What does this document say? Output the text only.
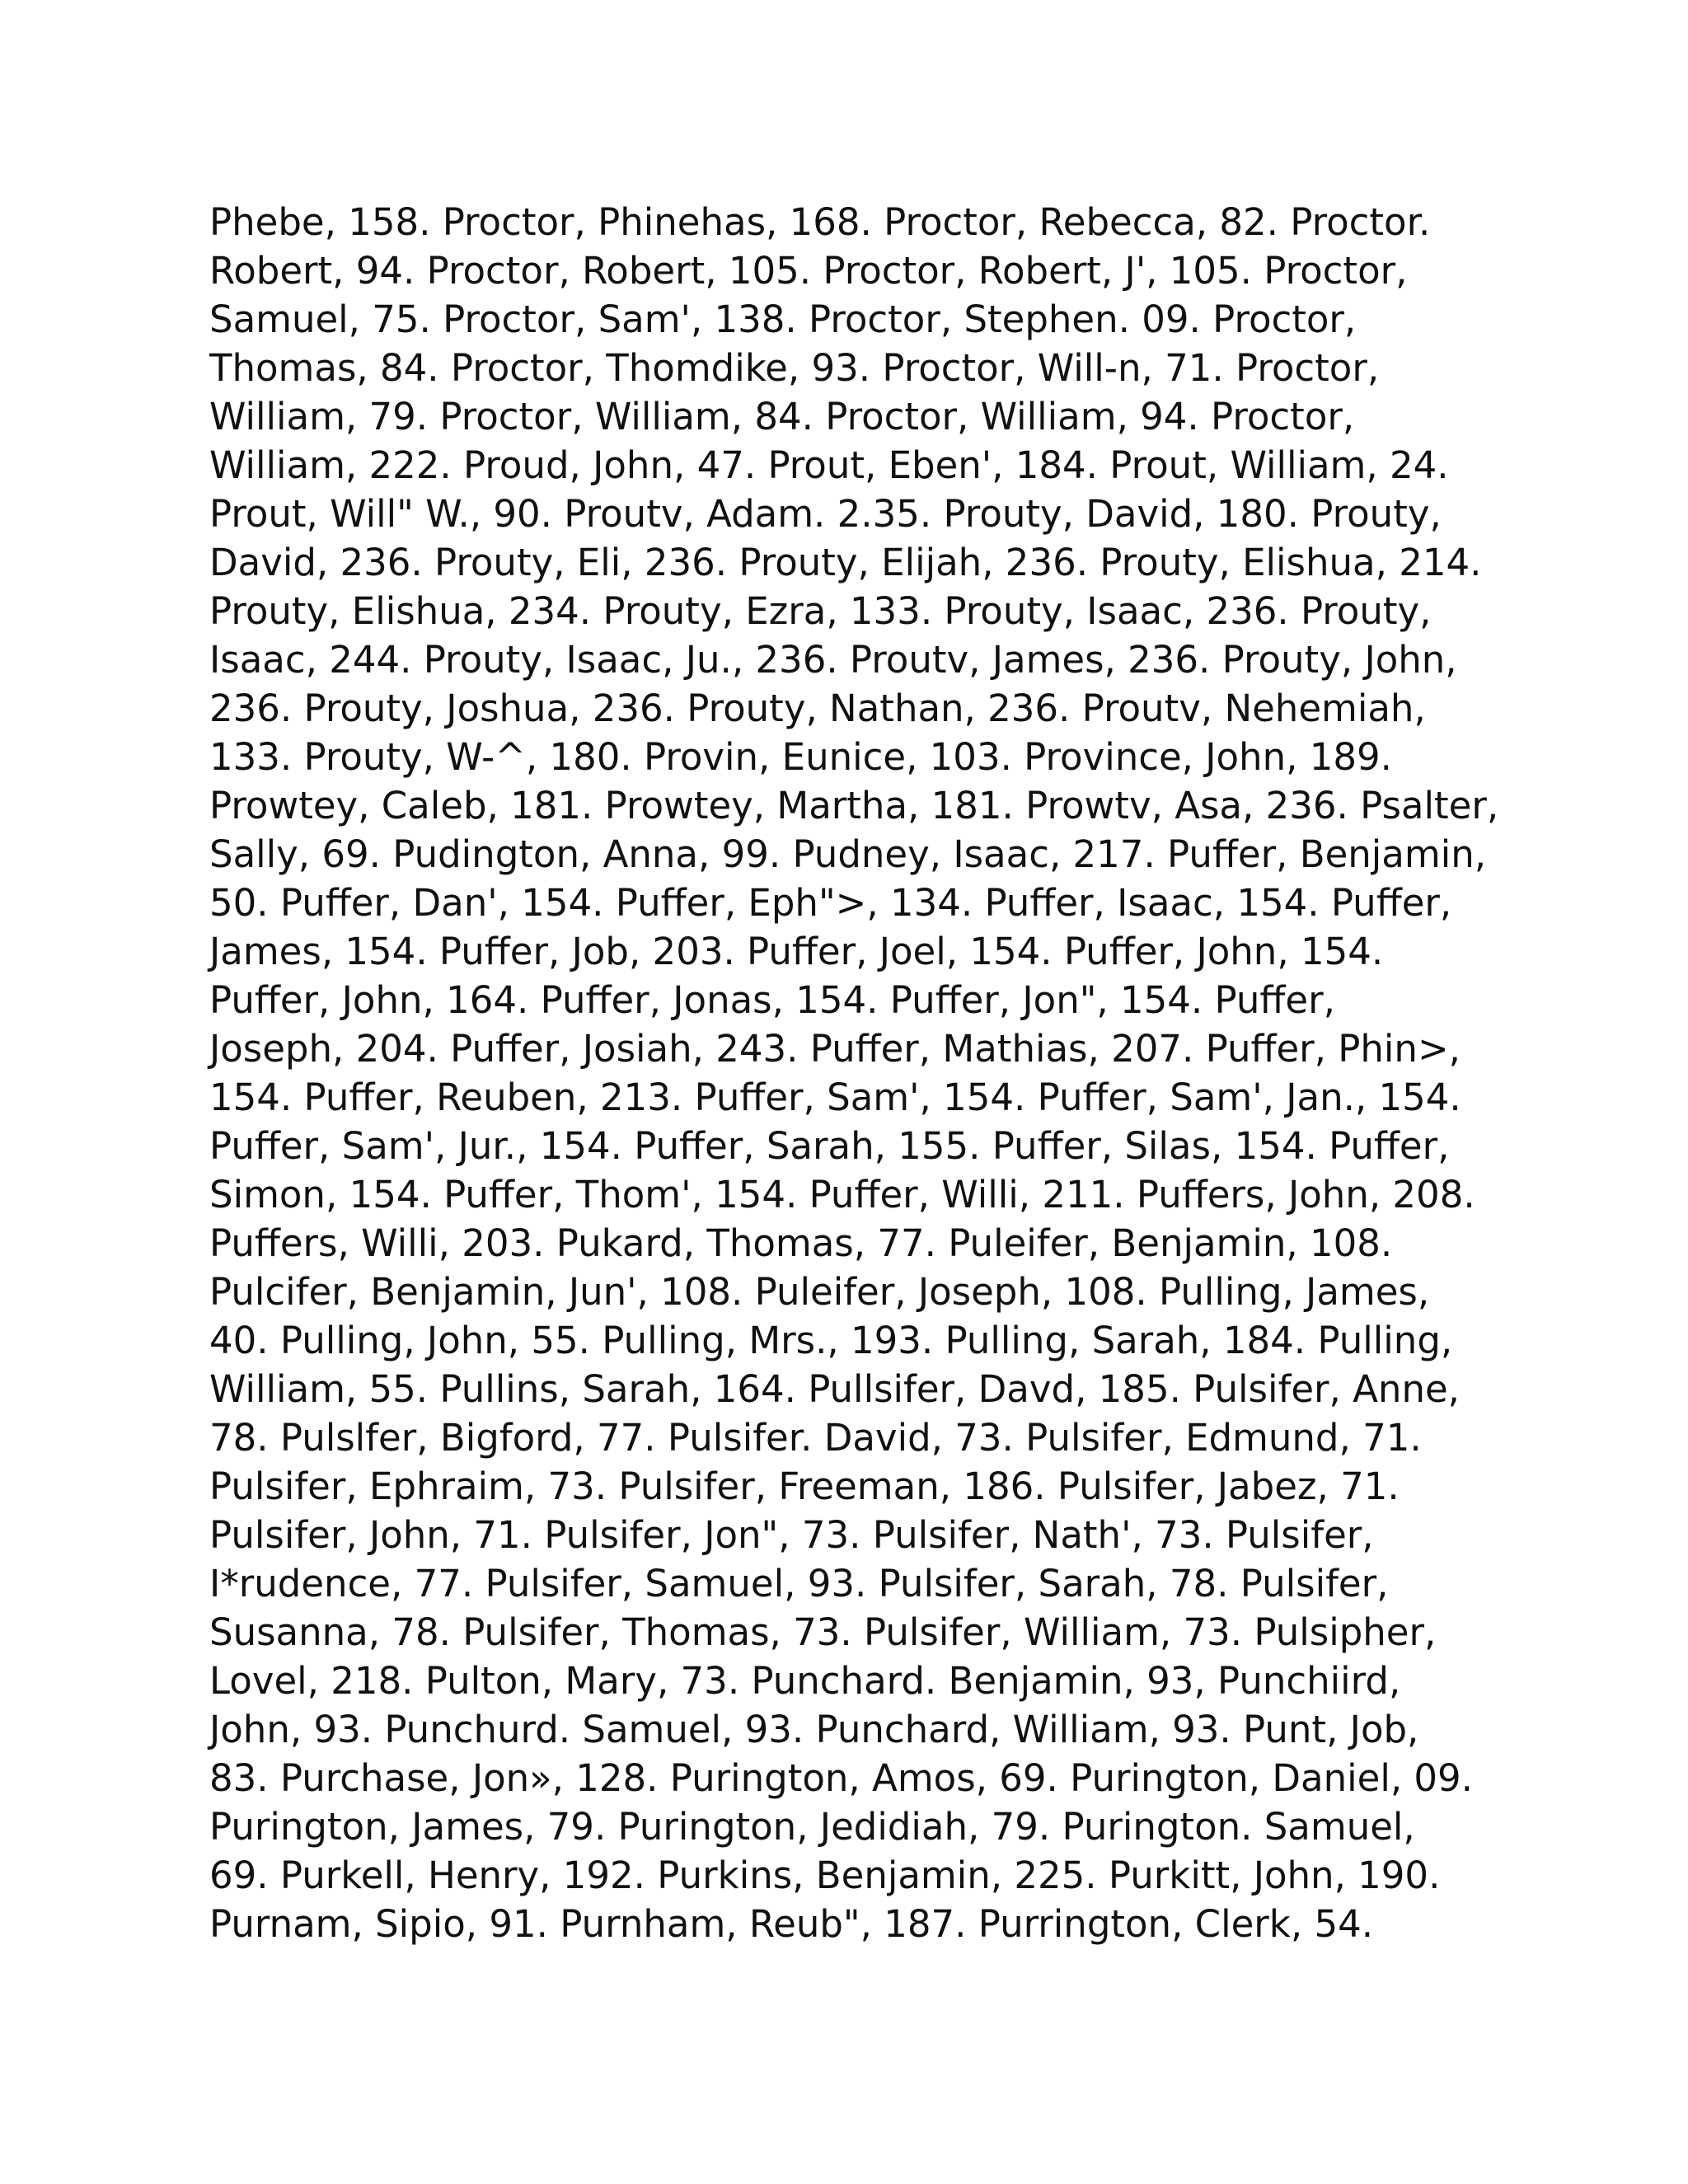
Phebe, 158. Proctor, Phinehas, 168. Proctor, Rebecca, 82. Proctor.

Robert, 94. Proctor, Robert, 105. Proctor, Robert, J', 105. Proctor,

Samuel, 75. Proctor, Sam', 138. Proctor, Stephen. 09. Proctor,

Thomas, 84. Proctor, Thomdike, 93. Proctor, Will-n, 71. Proctor,

William, 79. Proctor, William, 84. Proctor, William, 94. Proctor,

William, 222. Proud, John, 47. Prout, Eben', 184. Prout, William, 24.

Prout, Will" W., 90. Proutv, Adam. 2.35. Prouty, David, 180. Prouty,

David, 236. Prouty, Eli, 236. Prouty, Elijah, 236. Prouty, Elishua, 214.

Prouty, Elishua, 234. Prouty, Ezra, 133. Prouty, Isaac, 236. Prouty,

Isaac, 244. Prouty, Isaac, Ju., 236. Proutv, James, 236. Prouty, John,

236. Prouty, Joshua, 236. Prouty, Nathan, 236. Proutv, Nehemiah,

133. Prouty, W-^, 180. Provin, Eunice, 103. Province, John, 189.

Prowtey, Caleb, 181. Prowtey, Martha, 181. Prowtv, Asa, 236. Psalter,

Sally, 69. Pudington, Anna, 99. Pudney, Isaac, 217. Puffer, Benjamin,

50. Puffer, Dan', 154. Puffer, Eph">, 134. Puffer, Isaac, 154. Puffer,

James, 154. Puffer, Job, 203. Puffer, Joel, 154. Puffer, John, 154.

Puffer, John, 164. Puffer, Jonas, 154. Puffer, Jon", 154. Puffer,

Joseph, 204. Puffer, Josiah, 243. Puffer, Mathias, 207. Puffer, Phin>,

154. Puffer, Reuben, 213. Puffer, Sam', 154. Puffer, Sam', Jan., 154.

Puffer, Sam', Jur., 154. Puffer, Sarah, 155. Puffer, Silas, 154. Puffer,

Simon, 154. Puffer, Thom', 154. Puffer, Willi, 211. Puffers, John, 208.

Puffers, Willi, 203. Pukard, Thomas, 77. Puleifer, Benjamin, 108.

Pulcifer, Benjamin, Jun', 108. Puleifer, Joseph, 108. Pulling, James,

40. Pulling, John, 55. Pulling, Mrs., 193. Pulling, Sarah, 184. Pulling,

William, 55. Pullins, Sarah, 164. Pullsifer, Davd, 185. Pulsifer, Anne,

78. Pulslfer, Bigford, 77. Pulsifer. David, 73. Pulsifer, Edmund, 71.

Pulsifer, Ephraim, 73. Pulsifer, Freeman, 186. Pulsifer, Jabez, 71.

Pulsifer, John, 71. Pulsifer, Jon", 73. Pulsifer, Nath', 73. Pulsifer,

I*rudence, 77. Pulsifer, Samuel, 93. Pulsifer, Sarah, 78. Pulsifer,

Susanna, 78. Pulsifer, Thomas, 73. Pulsifer, William, 73. Pulsipher,

Lovel, 218. Pulton, Mary, 73. Punchard. Benjamin, 93, Punchiird,

John, 93. Punchurd. Samuel, 93. Punchard, William, 93. Punt, Job,

83. Purchase, Jon», 128. Purington, Amos, 69. Purington, Daniel, 09.

Purington, James, 79. Purington, Jedidiah, 79. Purington. Samuel,

69. Purkell, Henry, 192. Purkins, Benjamin, 225. Purkitt, John, 190.

Purnam, Sipio, 91. Purnham, Reub", 187. Purrington, Clerk, 54.
